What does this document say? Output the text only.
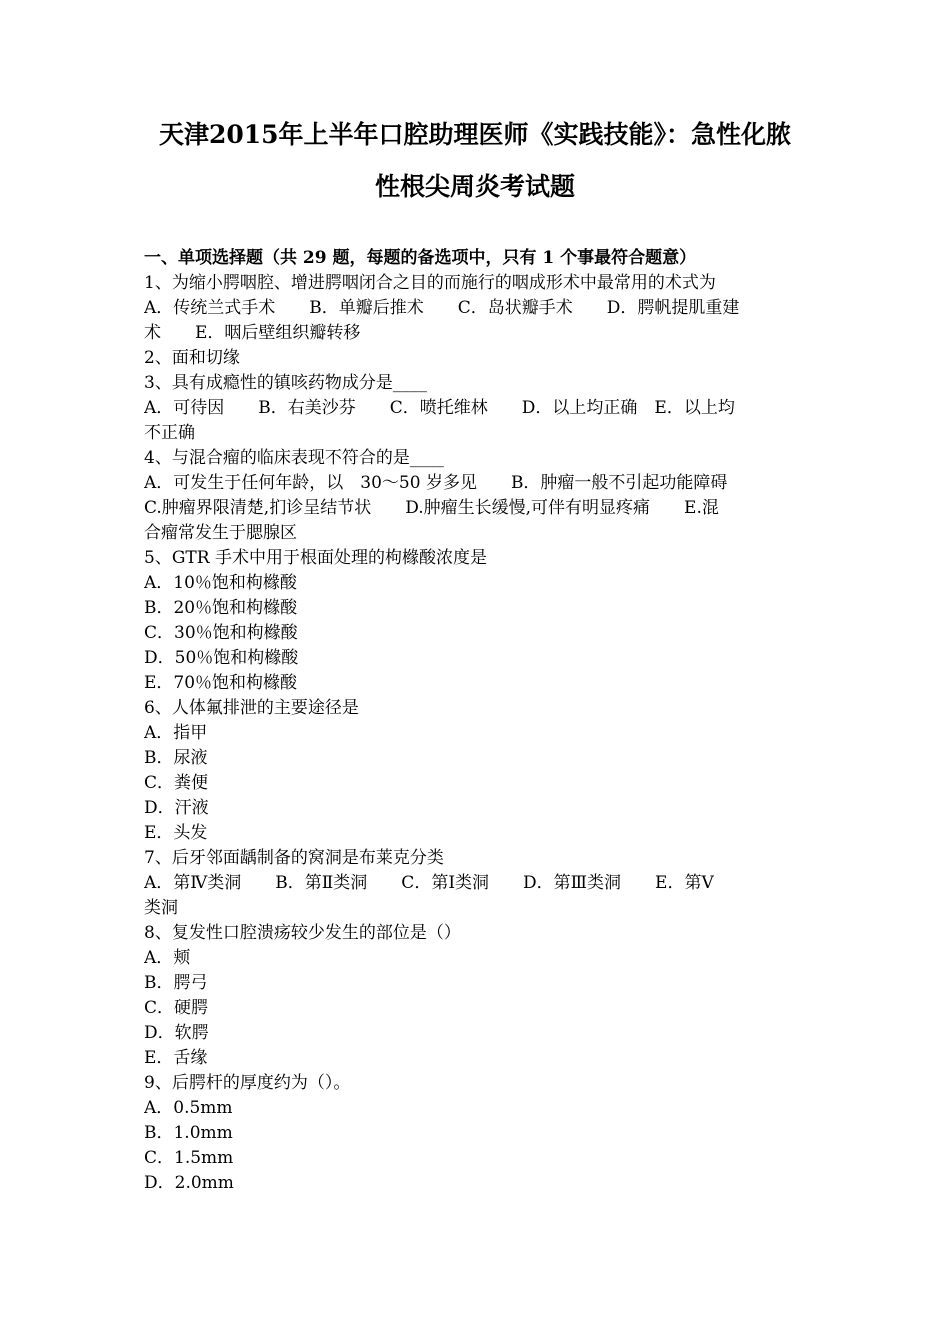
天津2015年上半年口腔助理医师《实践技能》：急性化脓
性根尖周炎考试题
一、单项选择题（共 29 题，每题的备选项中，只有 1 个事最符合题意）
1、为缩小腭咽腔、增进腭咽闭合之目的而施行的咽成形术中最常用的术式为
A．传统兰式手术　　B．单瓣后推术　　C．岛状瓣手术　　D．腭帆提肌重建
术　　E．咽后壁组织瓣转移
2、面和切缘
3、具有成瘾性的镇咳药物成分是____
A．可待因　　B．右美沙芬　　C．喷托维林　　D．以上均正确　E．以上均
不正确
4、与混合瘤的临床表现不符合的是____
A．可发生于任何年龄，以　30～50 岁多见　　B．肿瘤一般不引起功能障碍
C.肿瘤界限清楚,扪诊呈结节状　　D.肿瘤生长缓慢,可伴有明显疼痛　　E.混
合瘤常发生于腮腺区
5、GTR 手术中用于根面处理的枸橼酸浓度是
A．10％饱和枸橼酸
B．20％饱和枸橼酸
C．30％饱和枸橼酸
D．50％饱和枸橼酸
E．70％饱和枸橼酸
6、人体氟排泄的主要途径是
A．指甲
B．尿液
C．粪便
D．汗液
E．头发
7、后牙邻面龋制备的窝洞是布莱克分类
A．第Ⅳ类洞　　B．第Ⅱ类洞　　C．第Ⅰ类洞　　D．第Ⅲ类洞　　E．第Ⅴ
类洞
8、复发性口腔溃疡较少发生的部位是（）
A．颊
B．腭弓
C．硬腭
D．软腭
E．舌缘
9、后腭杆的厚度约为（）。
A．0.5mm
B．1.0mm
C．1.5mm
D．2.0mm
